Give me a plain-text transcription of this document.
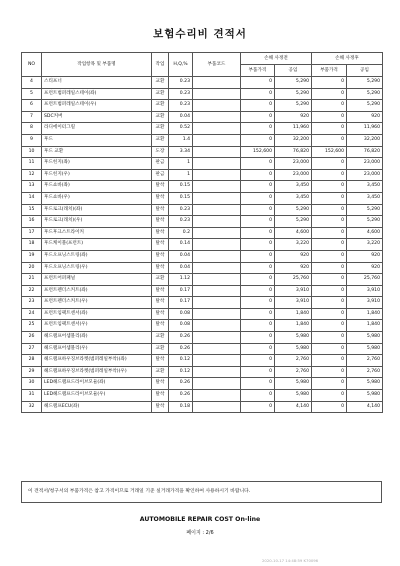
보험수리비 견적서
NO	작업항목 및 부품명	작업	H,Q,%	부품코드	손해 사정전		손해 사정후	
					부품가격	공임	부품가격	공임
4	스티프너	교환	0.23		0	5,290	0	5,290
5	프런트범퍼레일스테이(좌)	교환	0.23		0	5,290	0	5,290
6	프런트범퍼레일스테이(우)	교환	0.23		0	5,290	0	5,290
7	SDC커버	교환	0.04		0	920	0	920
8	라디에이터그릴	교환	0.52		0	11,960	0	11,960
9	후드	교환	1.4		0	32,200	0	32,200
10	후드 교환	도장	3.34		152,600	76,820	152,600	76,820
11	후드힌지(좌)	판금	1		0	23,000	0	23,000
12	후드힌지(우)	판금	1		0	23,000	0	23,000
13	후드쇼바(좌)	탈착	0.15		0	3,450	0	3,450
14	후드쇼바(우)	탈착	0.15		0	3,450	0	3,450
15	후드로크(래치)(좌)	탈착	0.23		0	5,290	0	5,290
16	후드로크(래치)(우)	탈착	0.23		0	5,290	0	5,290
17	후드후크스트라이커	탈착	0.2		0	4,600	0	4,600
18	후드케이블(프런트)	탈착	0.14		0	3,220	0	3,220
19	후드오프닝스트링(좌)	탈착	0.04		0	920	0	920
20	후드오프닝스트링(우)	탈착	0.04		0	920	0	920
21	프런트어퍼패널	교환	1.12		0	25,760	0	25,760
22	프런트펜더스커트(좌)	탈착	0.17		0	3,910	0	3,910
23	프런트펜더스커트(우)	탈착	0.17		0	3,910	0	3,910
24	프런트임팩트센서(좌)	탈착	0.08		0	1,840	0	1,840
25	프런트임팩트센서(우)	탈착	0.08		0	1,840	0	1,840
26	헤드램프어셈블리(좌)	교환	0.26		0	5,980	0	5,980
27	헤드램프어셈블리(우)	교환	0.26		0	5,980	0	5,980
28	헤드램프하우징브라켓(범퍼레일부착)(좌)	탈착	0.12		0	2,760	0	2,760
29	헤드램프하우징브라켓(범퍼레일부착)(우)	교환	0.12		0	2,760	0	2,760
30	LED헤드램프드라이브모듈(좌)	탈착	0.26		0	5,980	0	5,980
31	LED헤드램프드라이브모듈(우)	탈착	0.26		0	5,980	0	5,980
32	헤드램프ECU(좌)	탈착	0.18		0	4,140	0	4,140
이 견적서/청구서의 부품가격은 참고 가격이므로 거래일 기준 실거래가격을 확인하여 사용하시기 바랍니다.
AUTOMOBILE REPAIR COST On-line
페이지 : 2/6
2020-10-17 14:48:59 K70096
